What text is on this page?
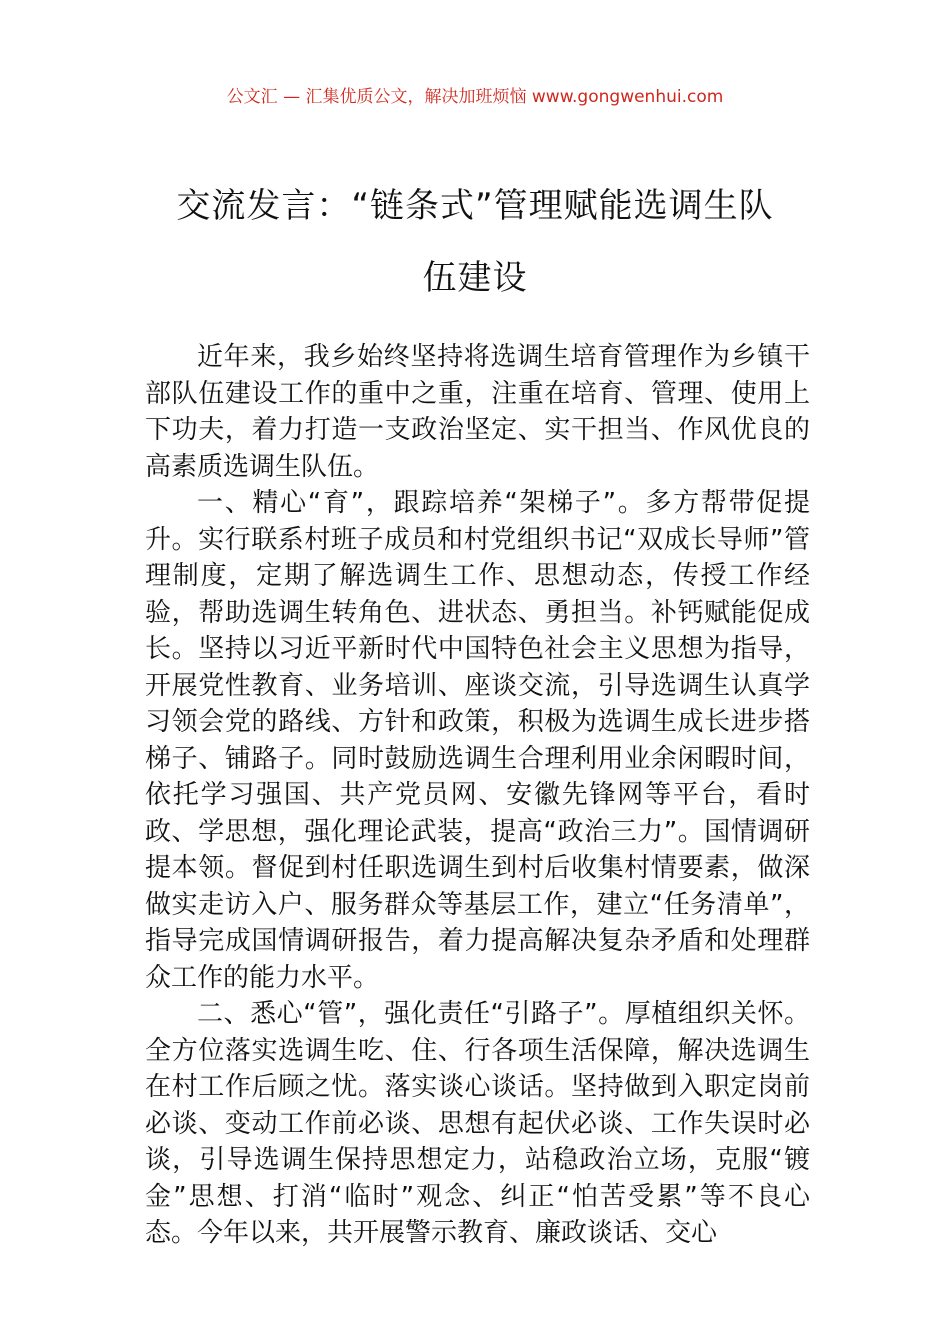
公文汇 — 汇集优质公文，解决加班烦恼 www.gongwenhui.com
交流发言：“链条式”管理赋能选调生队
伍建设

近年来，我乡始终坚持将选调生培育管理作为乡镇干部队伍建设工作的重中之重，注重在培育、管理、使用上下功夫，着力打造一支政治坚定、实干担当、作风优良的高素质选调生队伍。

一、精心“育”，跟踪培养“架梯子”。多方帮带促提升。实行联系村班子成员和村党组织书记“双成长导师”管理制度，定期了解选调生工作、思想动态，传授工作经验，帮助选调生转角色、进状态、勇担当。补钙赋能促成长。坚持以习近平新时代中国特色社会主义思想为指导，开展党性教育、业务培训、座谈交流，引导选调生认真学习领会党的路线、方针和政策，积极为选调生成长进步搭梯子、铺路子。同时鼓励选调生合理利用业余闲暇时间，依托学习强国、共产党员网、安徽先锋网等平台，看时政、学思想，强化理论武装，提高“政治三力”。国情调研提本领。督促到村任职选调生到村后收集村情要素，做深做实走访入户、服务群众等基层工作，建立“任务清单”，指导完成国情调研报告，着力提高解决复杂矛盾和处理群众工作的能力水平。

二、悉心“管”，强化责任“引路子”。厚植组织关怀。全方位落实选调生吃、住、行各项生活保障，解决选调生在村工作后顾之忧。落实谈心谈话。坚持做到入职定岗前必谈、变动工作前必谈、思想有起伏必谈、工作失误时必谈，引导选调生保持思想定力，站稳政治立场，克服“镀金”思想、打消“临时”观念、纠正“怕苦受累”等不良心态。今年以来，共开展警示教育、廉政谈话、交心
